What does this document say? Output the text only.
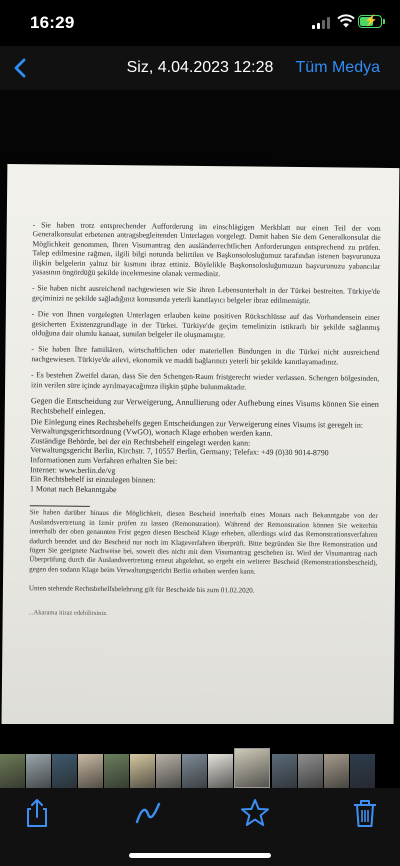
16:29	⚡
Siz, 4.04.2023 12:28	Tüm Medya

- Sie haben trotz entsprechender Aufforderung im einschlägigen Merkblatt nur einen Teil der vom Generalkonsulat erbetenen antragsbegleitenden Unterlagen vorgelegt. Damit haben Sie dem Generalkonsulat die Möglichkeit genommen, Ihren Visumantrag den ausländerrechtlichen Anforderungen entsprechend zu prüfen. Talep edilmesine rağmen, ilgili bilgi notunda belirtilen ve Başkonsolosluğumuz tarafından istenen başvurunuza ilişkin belgelerin yalnız bir kısmını ibraz ettiniz. Böylelikle Başkonsolosluğumuzun başvurunuzu yabancılar yasasının öngördüğü şekilde incelemesine olanak vermediniz.

- Sie haben nicht ausreichend nachgewiesen wie Sie ihren Lebensunterhalt in der Türkei bestreiten. Türkiye'de geçiminizi ne şekilde sağladığınız konusunda yeterli kanıtlayıcı belgeler ibraz edilmemiştir.

- Die von Ihnen vorgelegten Unterlagen erlauben keine positiven Rückschlüsse auf das Vorhandensein einer gesicherten Existenzgrundlage in der Türkei. Türkiye'de geçim temelinizin istikrarlı bir şekilde sağlanmış olduğuna dair olumlu kanaat, sunulan belgeler ile oluşmamıştır.

- Sie haben Ihre familiären, wirtschaftlichen oder materiellen Bindungen in die Türkei nicht ausreichend nachgewiesen. Türkiye'de ailevi, ekonomik ve maddi bağlarınızı yeterli bir şekilde kanıtlayamadınız.

- Es bestehen Zweifel daran, dass Sie den Schengen-Raum fristgerecht wieder verlassen. Schengen bölgesinden, izin verilen süre içinde ayrılmayacağınıza ilişkin şüphe bulunmaktadır.

Gegen die Entscheidung zur Verweigerung, Annullierung oder Aufhebung eines Visums können Sie einen Rechtsbehelf einlegen.

Die Einlegung eines Rechtsbehelfs gegen Entscheidungen zur Verweigerung eines Visums ist geregelt in:

Verwaltungsgerichtsordnung (VwGO), wonach Klage erhoben werden kann.

Zuständige Behörde, bei der ein Rechtsbehelf eingelegt werden kann:

Verwaltungsgericht Berlin, Kirchstr. 7, 10557 Berlin, Germany; Telefax: +49 (0)30 9014-8790

Informationen zum Verfahren erhalten Sie bei:

Internet: www.berlin.de/vg

Ein Rechtsbehelf ist einzulegen binnen:

1 Monat nach Bekanntgabe

Sie haben darüber hinaus die Möglichkeit, diesen Bescheid innerhalb eines Monats nach Bekanntgabe von der Auslandsvertretung in Izmir prüfen zu lassen (Remonstration). Während der Remonstration können Sie weiterhin innerhalb der oben genannten Frist gegen diesen Bescheid Klage erheben, allerdings wird das Remonstrationsverfahren dadurch beendet und der Bescheid nur noch im Klageverfahren überprüft. Bitte begründen Sie Ihre Remonstration und fügen Sie geeignete Nachweise bei, soweit dies nicht mit dem Visumantrag geschehen ist. Wird der Visumantrag nach Überprüfung durch die Auslandsvertretung erneut abgelehnt, so ergeht ein weiterer Bescheid (Remonstrationsbescheid), gegen den sodann Klage beim Verwaltungsgericht Berlin erhoben werden kann.

Unten stehende Rechtsbehelfsbelehrung gilt für Bescheide bis zum 01.02.2020.

...Akarama itiraz edebilirsiniz.
